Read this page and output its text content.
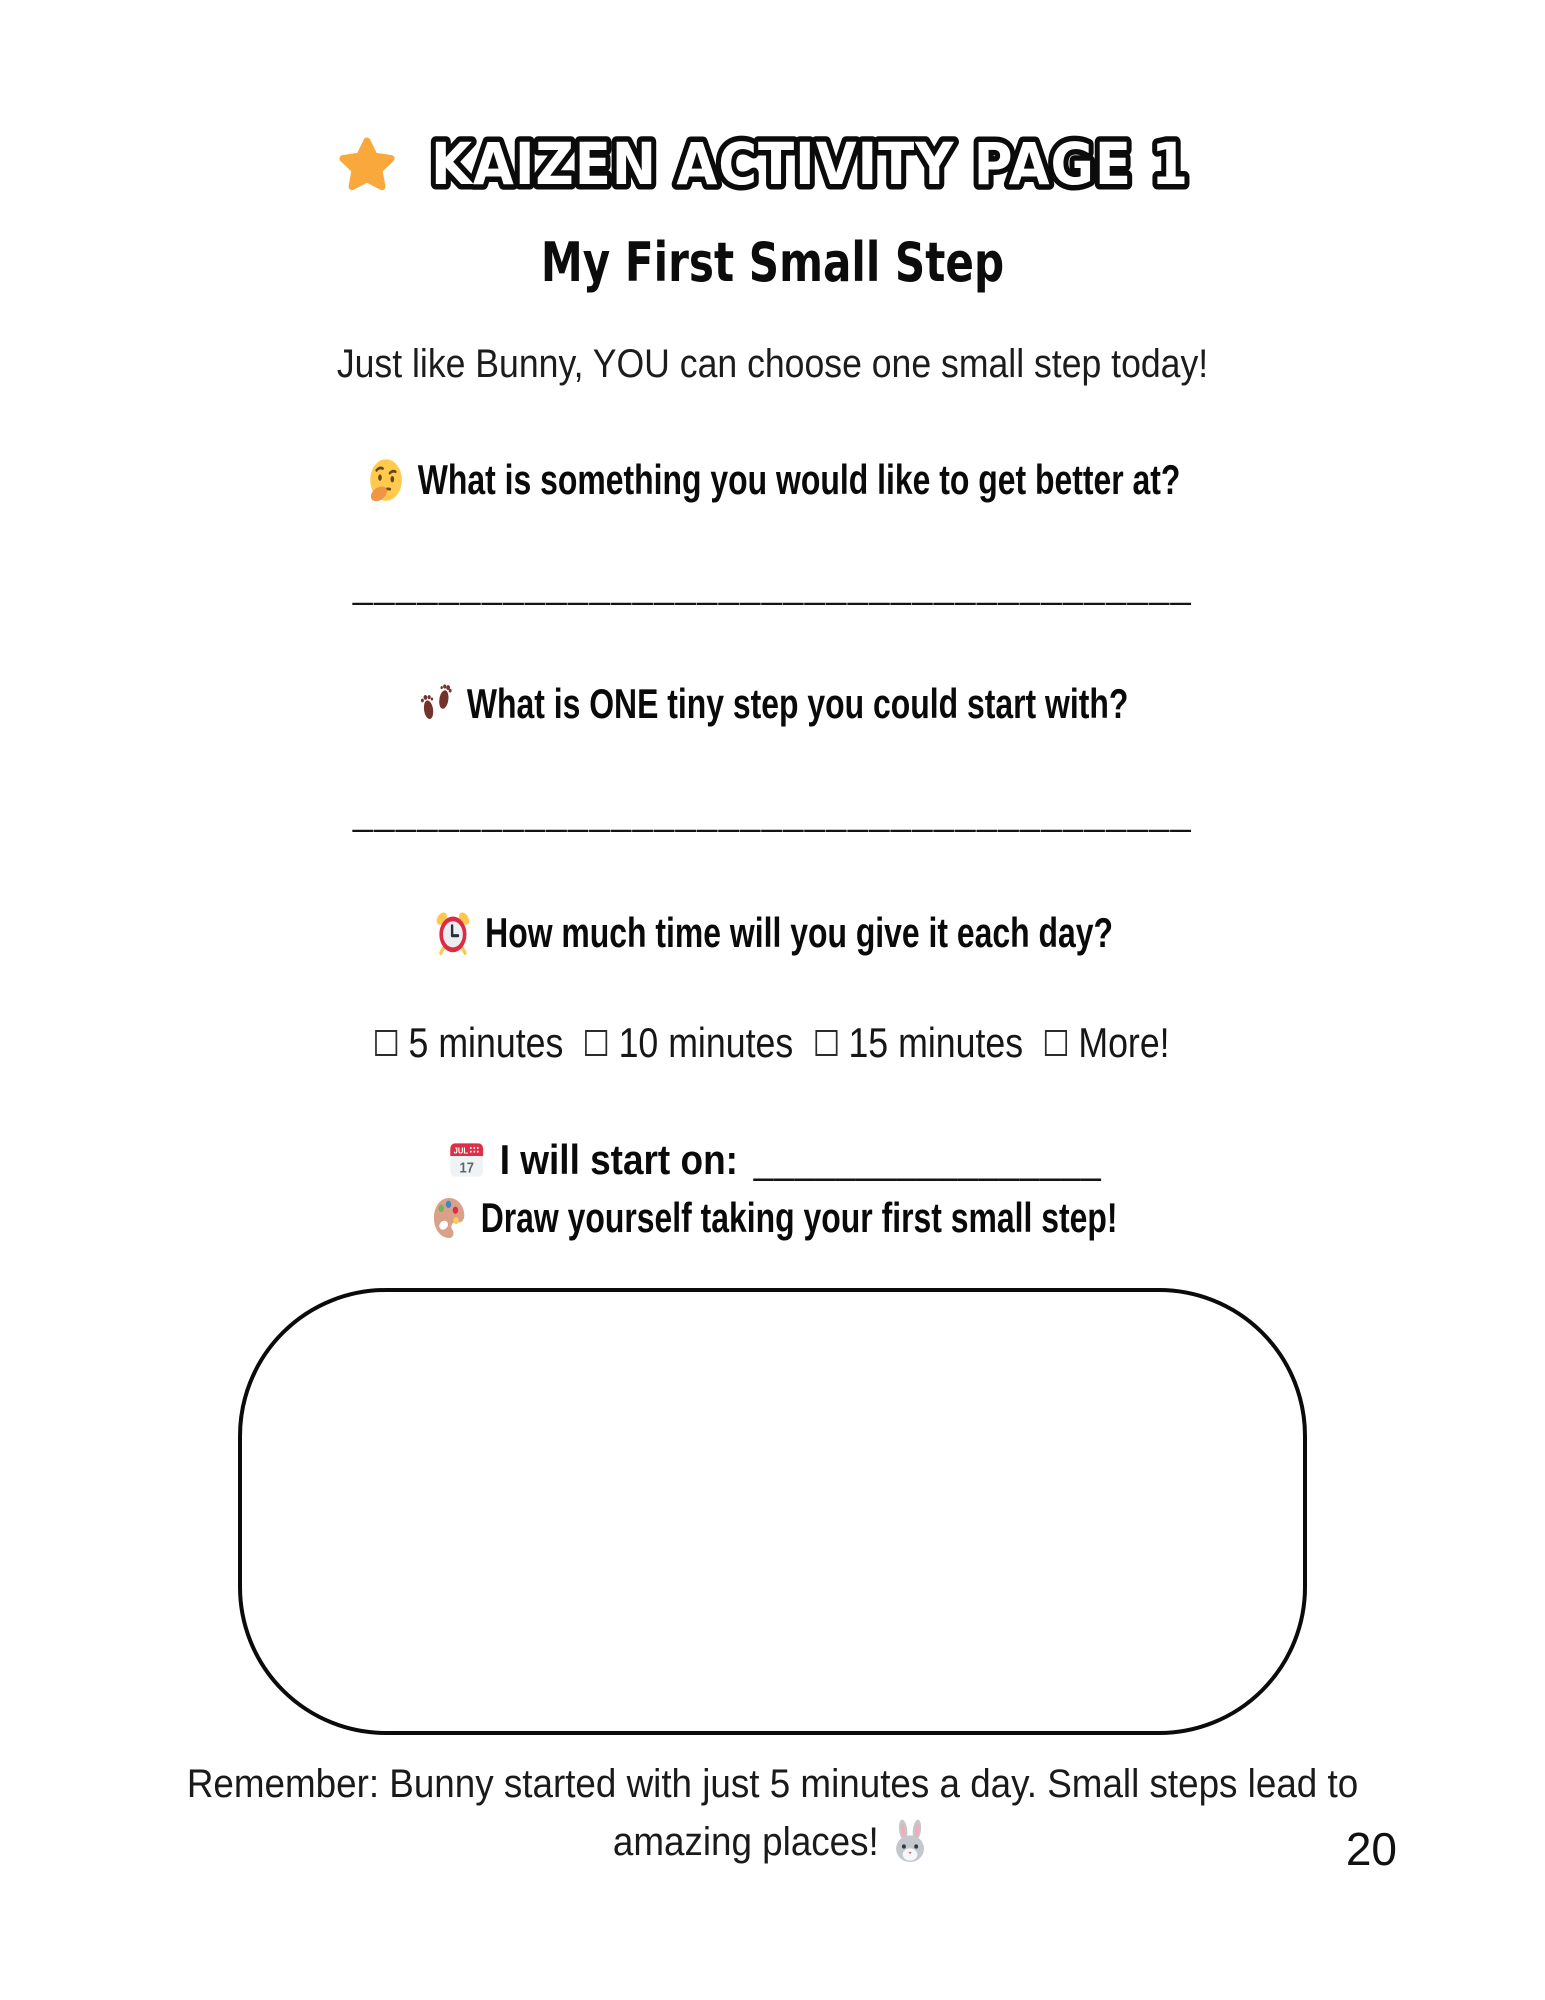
KAIZEN ACTIVITY PAGE 1
My First Small Step
Just like Bunny, YOU can choose one small step today!
What is something you would like to get better at?
_______________________________________
What is ONE tiny step you could start with?
_______________________________________
How much time will you give it each day?
5 minutes 10 minutes 15 minutes More!
JUL
17 I will start on: _________________
Draw yourself taking your first small step!
Remember: Bunny started with just 5 minutes a day. Small steps lead to
amazing places!	20
